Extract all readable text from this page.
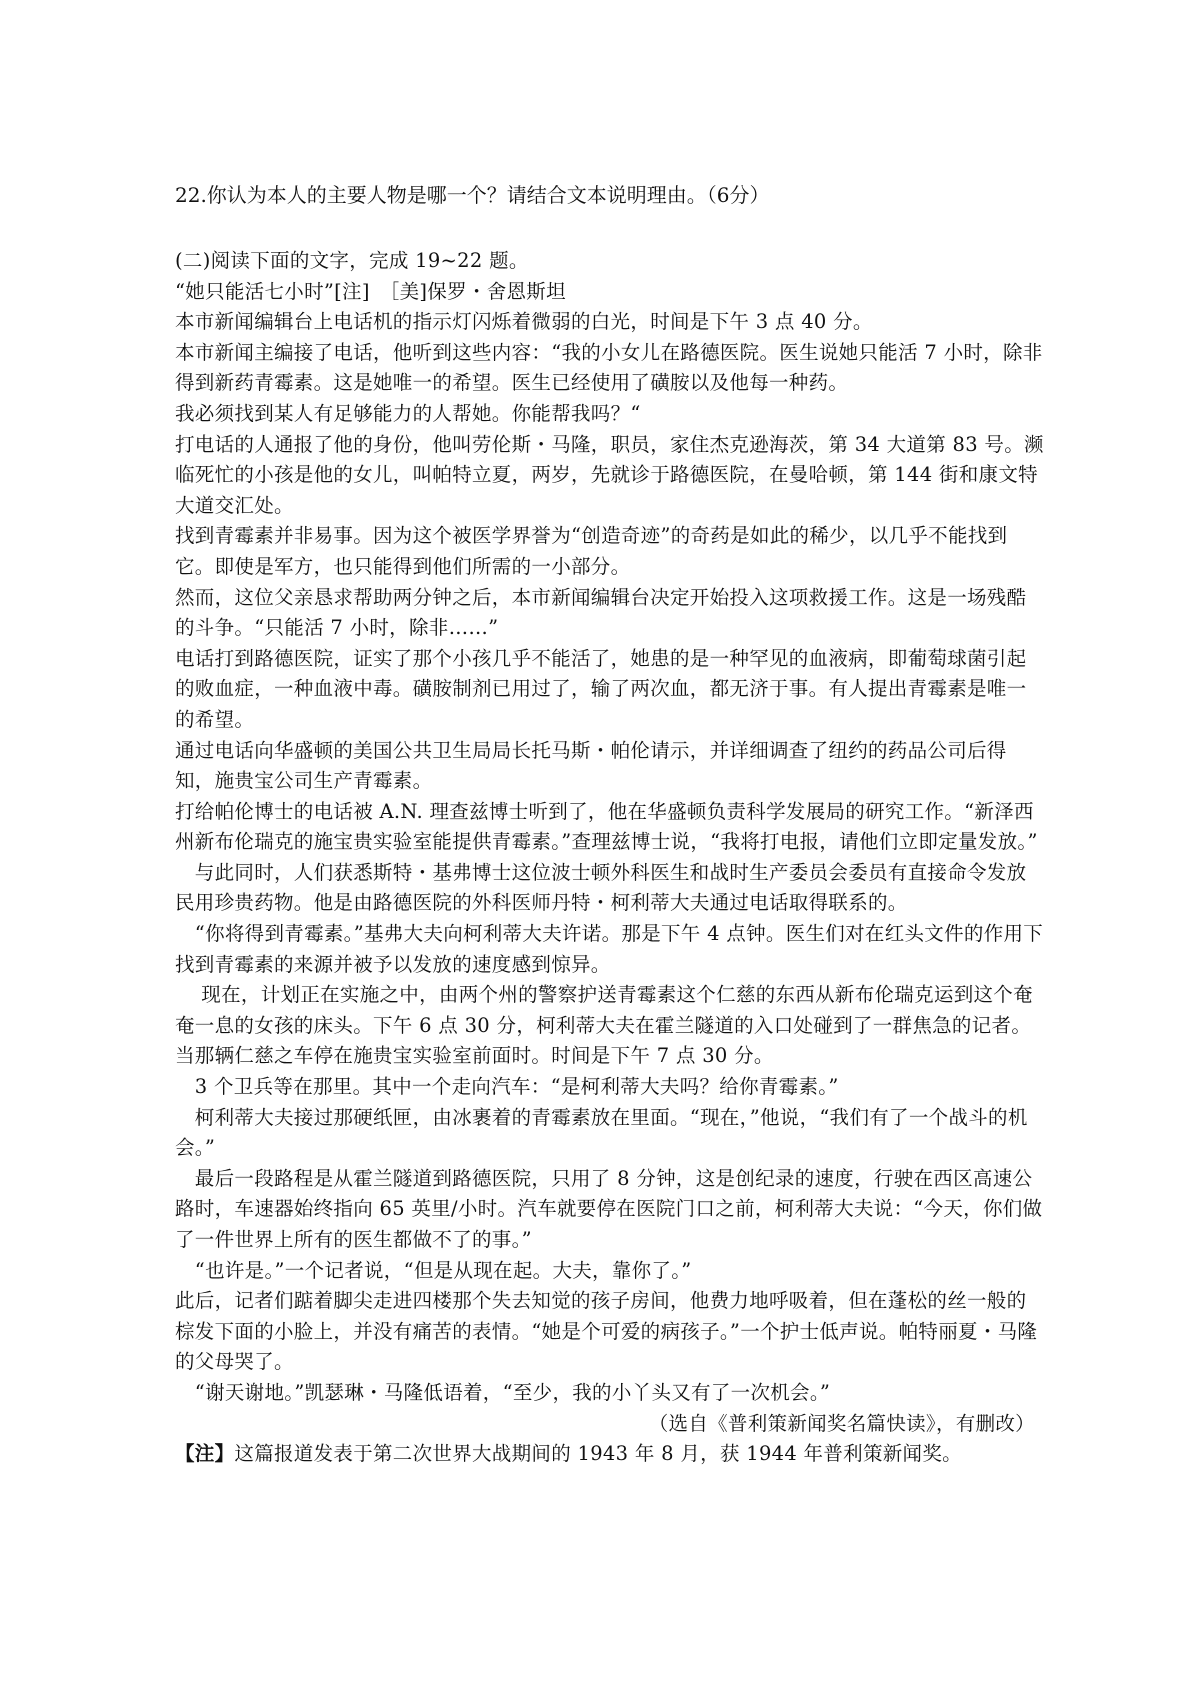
22.你认为本人的主要人物是哪一个？请结合文本说明理由。（6分）

(二)阅读下面的文字，完成 19~22 题。

“她只能活七小时”[注]　［美]保罗・舍恩斯坦

本市新闻编辑台上电话机的指示灯闪烁着微弱的白光，时间是下午 3 点 40 分。

本市新闻主编接了电话，他听到这些内容：“我的小女儿在路德医院。医生说她只能活 7 小时，除非得到新药青霉素。这是她唯一的希望。医生已经使用了磺胺以及他每一种药。

我必须找到某人有足够能力的人帮她。你能帮我吗？“

打电话的人通报了他的身份，他叫劳伦斯・马隆，职员，家住杰克逊海茨，第 34 大道第 83 号。濒临死忙的小孩是他的女儿，叫帕特立夏，两岁，先就诊于路德医院，在曼哈顿，第 144 街和康文特大道交汇处。

找到青霉素并非易事。因为这个被医学界誉为“创造奇迹”的奇药是如此的稀少，以几乎不能找到它。即使是军方，也只能得到他们所需的一小部分。

然而，这位父亲恳求帮助两分钟之后，本市新闻编辑台决定开始投入这项救援工作。这是一场残酷的斗争。“只能活 7 小时，除非……”

电话打到路德医院，证实了那个小孩几乎不能活了，她患的是一种罕见的血液病，即葡萄球菌引起的败血症，一种血液中毒。磺胺制剂已用过了，输了两次血，都无济于事。有人提出青霉素是唯一的希望。

通过电话向华盛顿的美国公共卫生局局长托马斯・帕伦请示，并详细调查了纽约的药品公司后得知，施贵宝公司生产青霉素。

打给帕伦博士的电话被 A.N. 理查兹博士听到了，他在华盛顿负责科学发展局的研究工作。“新泽西州新布伦瑞克的施宝贵实验室能提供青霉素。”查理兹博士说，“我将打电报，请他们立即定量发放。”

　与此同时，人们获悉斯特・基弗博士这位波士顿外科医生和战时生产委员会委员有直接命令发放民用珍贵药物。他是由路德医院的外科医师丹特・柯利蒂大夫通过电话取得联系的。

　“你将得到青霉素。”基弗大夫向柯利蒂大夫许诺。那是下午 4 点钟。医生们对在红头文件的作用下找到青霉素的来源并被予以发放的速度感到惊异。

　 现在，计划正在实施之中，由两个州的警察护送青霉素这个仁慈的东西从新布伦瑞克运到这个奄奄一息的女孩的床头。下午 6 点 30 分，柯利蒂大夫在霍兰隧道的入口处碰到了一群焦急的记者。当那辆仁慈之车停在施贵宝实验室前面时。时间是下午 7 点 30 分。

　3 个卫兵等在那里。其中一个走向汽车：“是柯利蒂大夫吗？给你青霉素。”

　柯利蒂大夫接过那硬纸匣，由冰裹着的青霉素放在里面。“现在，”他说，“我们有了一个战斗的机会。”

　最后一段路程是从霍兰隧道到路德医院，只用了 8 分钟，这是创纪录的速度，行驶在西区高速公路时，车速器始终指向 65 英里/小时。汽车就要停在医院门口之前，柯利蒂大夫说：“今天，你们做了一件世界上所有的医生都做不了的事。”

　“也许是。”一个记者说，“但是从现在起。大夫，靠你了。”

此后，记者们踮着脚尖走进四楼那个失去知觉的孩子房间，他费力地呼吸着，但在蓬松的丝一般的棕发下面的小脸上，并没有痛苦的表情。“她是个可爱的病孩子。”一个护士低声说。帕特丽夏・马隆的父母哭了。

　“谢天谢地。”凯瑟琳・马隆低语着，“至少，我的小丫头又有了一次机会。”

（选自《普利策新闻奖名篇快读》，有删改）

【注】这篇报道发表于第二次世界大战期间的 1943 年 8 月，获 1944 年普利策新闻奖。
